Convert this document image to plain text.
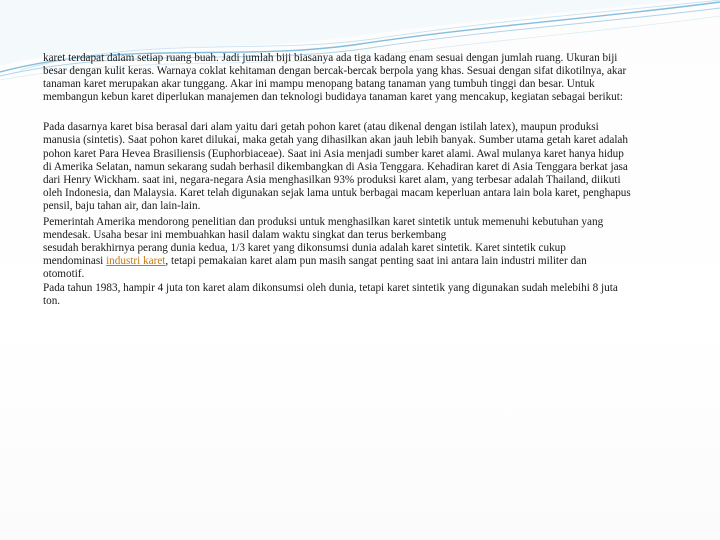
karet terdapat dalam setiap ruang buah. Jadi jumlah biji biasanya ada tiga kadang enam sesuai dengan jumlah ruang. Ukuran biji
besar dengan kulit keras. Warnaya coklat kehitaman dengan bercak-bercak berpola yang khas. Sesuai dengan sifat dikotilnya, akar
tanaman karet merupakan akar tunggang. Akar ini mampu menopang batang tanaman yang tumbuh tinggi dan besar. Untuk
membangun kebun karet diperlukan manajemen dan teknologi budidaya tanaman karet yang mencakup, kegiatan sebagai berikut:

Pada dasarnya karet bisa berasal dari alam yaitu dari getah pohon karet (atau dikenal dengan istilah latex), maupun produksi
manusia (sintetis). Saat pohon karet dilukai, maka getah yang dihasilkan akan jauh lebih banyak. Sumber utama getah karet adalah
pohon karet Para Hevea Brasiliensis (Euphorbiaceae). Saat ini Asia menjadi sumber karet alami. Awal mulanya karet hanya hidup
di Amerika Selatan, namun sekarang sudah berhasil dikembangkan di Asia Tenggara. Kehadiran karet di Asia Tenggara berkat jasa
dari Henry Wickham. saat ini, negara-negara Asia menghasilkan 93% produksi karet alam, yang terbesar adalah Thailand, diikuti
oleh Indonesia, dan Malaysia. Karet telah digunakan sejak lama untuk berbagai macam keperluan antara lain bola karet, penghapus
pensil, baju tahan air, dan lain-lain.

Pemerintah Amerika mendorong penelitian dan produksi untuk menghasilkan karet sintetik untuk memenuhi kebutuhan yang
mendesak. Usaha besar ini membuahkan hasil dalam waktu singkat dan terus berkembang
sesudah berakhirnya perang dunia kedua, 1/3 karet yang dikonsumsi dunia adalah karet sintetik. Karet sintetik cukup
mendominasi industri karet, tetapi pemakaian karet alam pun masih sangat penting saat ini antara lain industri militer dan
otomotif.

Pada tahun 1983, hampir 4 juta ton karet alam dikonsumsi oleh dunia, tetapi karet sintetik yang digunakan sudah melebihi 8 juta
ton.
